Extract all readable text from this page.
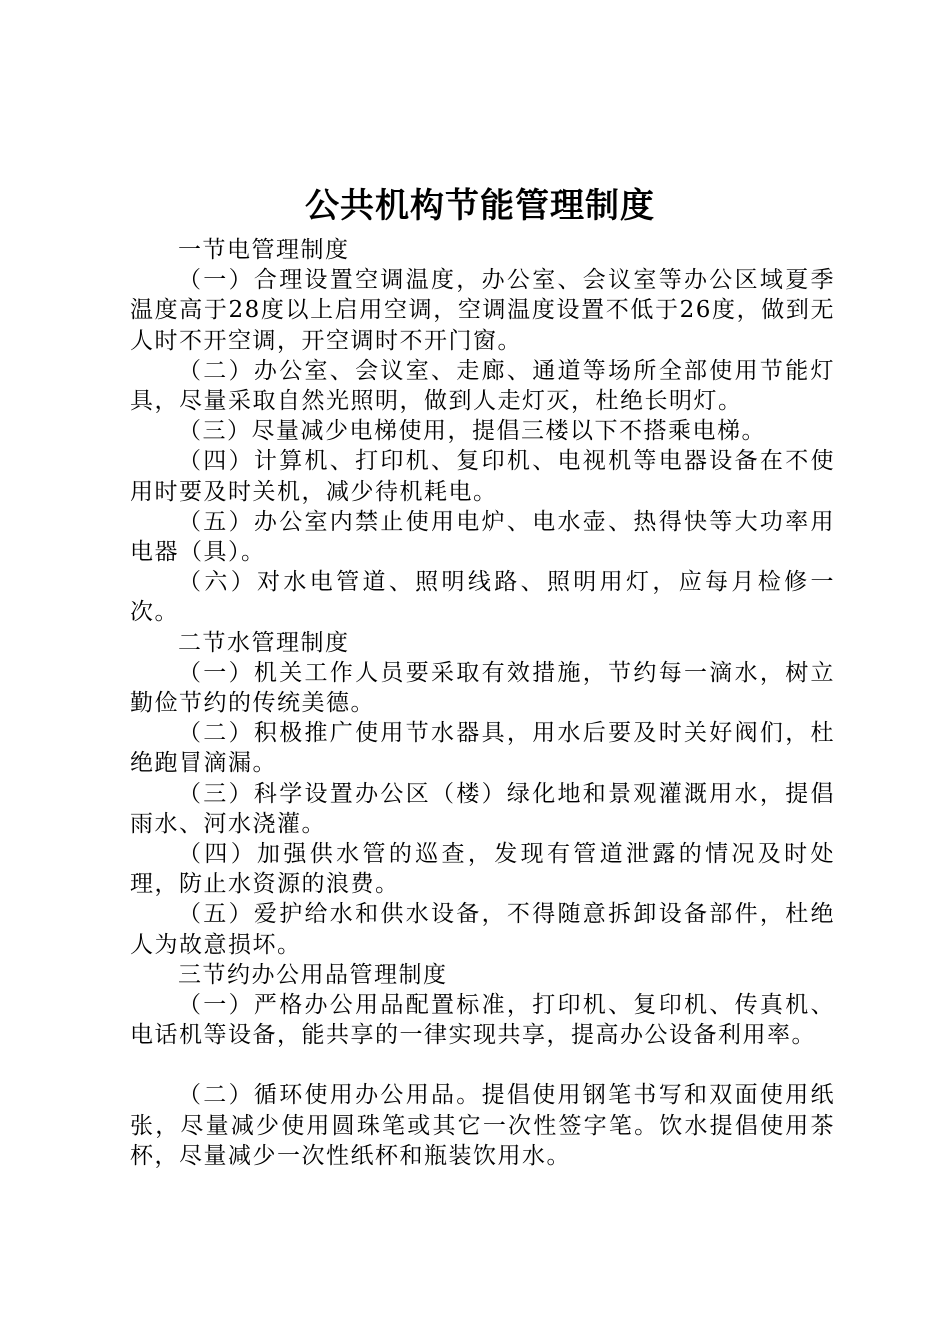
公共机构节能管理制度

一节电管理制度

（一）合理设置空调温度，办公室、会议室等办公区域夏季温度高于28度以上启用空调，空调温度设置不低于26度，做到无人时不开空调，开空调时不开门窗。

（二）办公室、会议室、走廊、通道等场所全部使用节能灯具，尽量采取自然光照明，做到人走灯灭，杜绝长明灯。

（三）尽量减少电梯使用，提倡三楼以下不搭乘电梯。

（四）计算机、打印机、复印机、电视机等电器设备在不使用时要及时关机，减少待机耗电。

（五）办公室内禁止使用电炉、电水壶、热得快等大功率用电器（具）。

（六）对水电管道、照明线路、照明用灯，应每月检修一次。

二节水管理制度

（一）机关工作人员要采取有效措施，节约每一滴水，树立勤俭节约的传统美德。

（二）积极推广使用节水器具，用水后要及时关好阀们，杜绝跑冒滴漏。

（三）科学设置办公区（楼）绿化地和景观灌溉用水，提倡雨水、河水浇灌。

（四）加强供水管的巡查，发现有管道泄露的情况及时处理，防止水资源的浪费。

（五）爱护给水和供水设备，不得随意拆卸设备部件，杜绝人为故意损坏。

三节约办公用品管理制度

（一）严格办公用品配置标准，打印机、复印机、传真机、电话机等设备，能共享的一律实现共享，提高办公设备利用率。

（二）循环使用办公用品。提倡使用钢笔书写和双面使用纸张，尽量减少使用圆珠笔或其它一次性签字笔。饮水提倡使用茶杯，尽量减少一次性纸杯和瓶装饮用水。
